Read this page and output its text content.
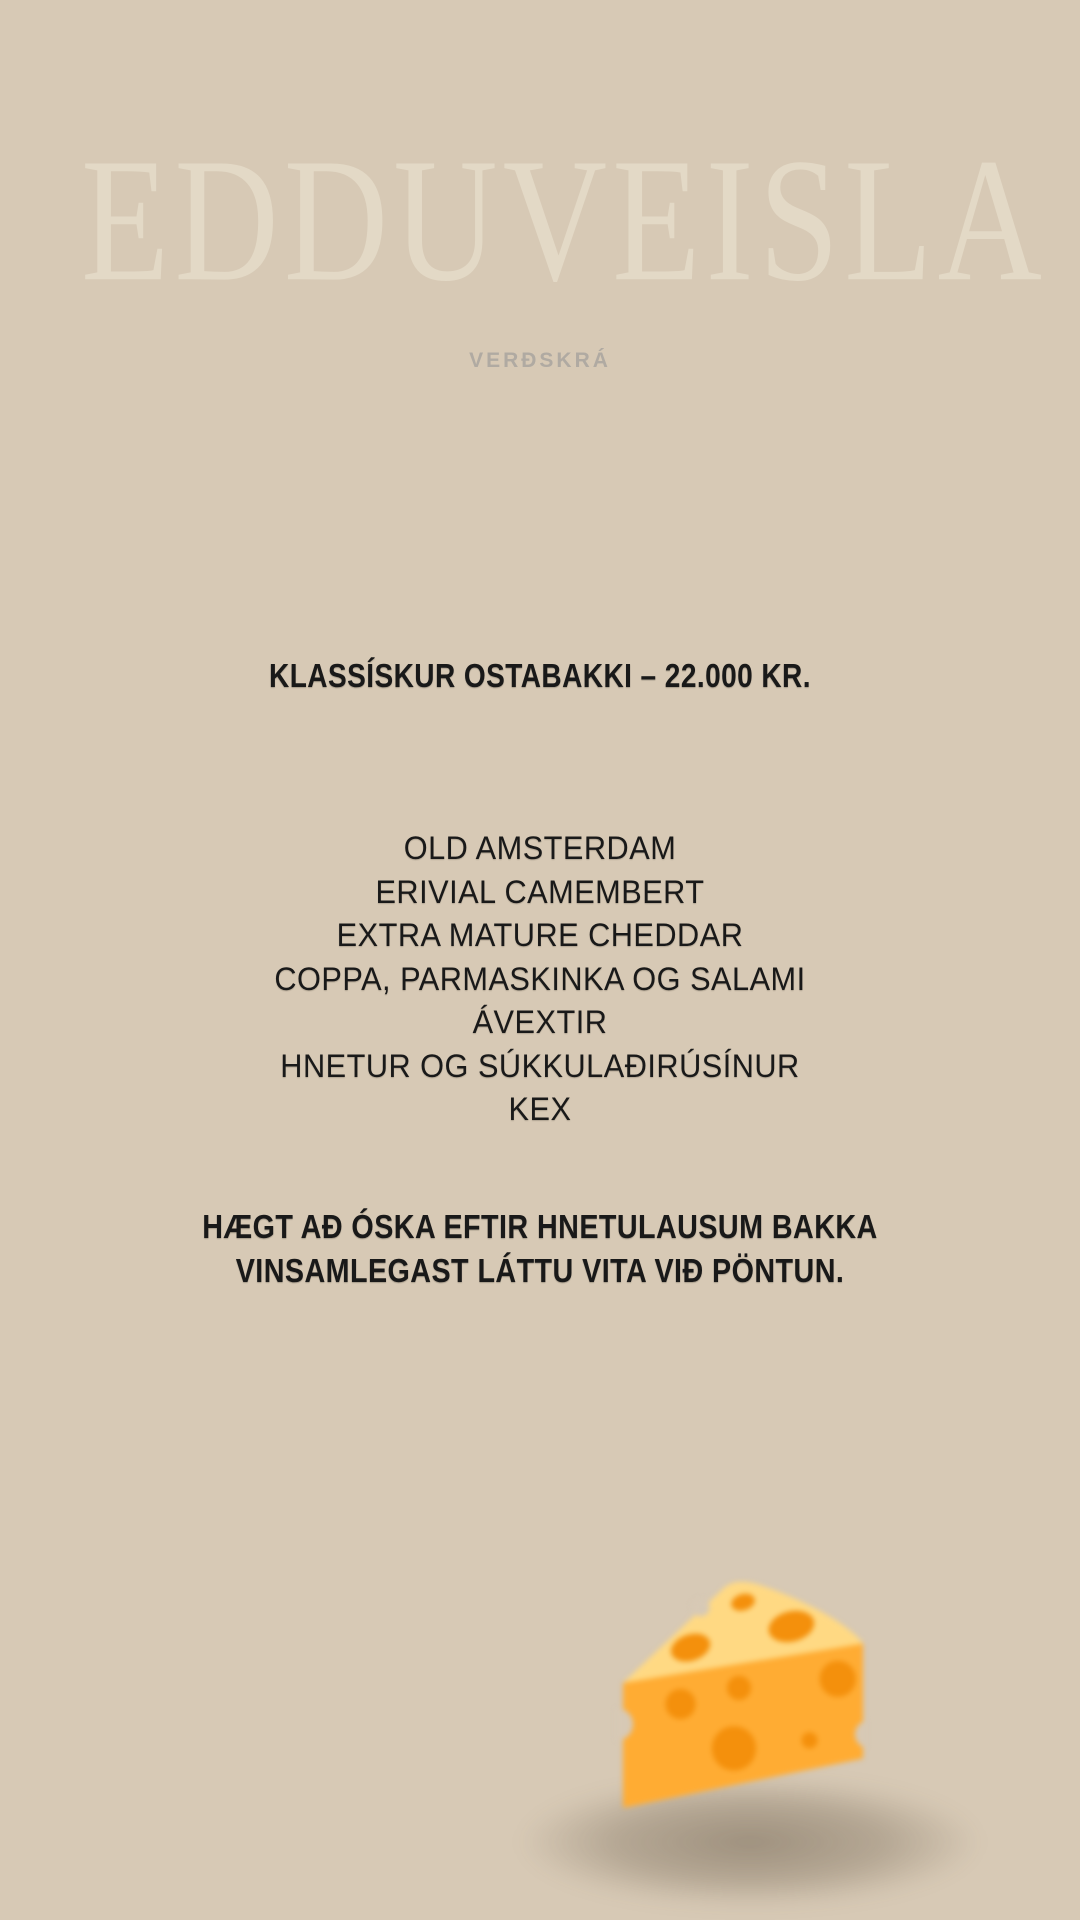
EDDUVEISLA
VERÐSKRÁ
KLASSÍSKUR OSTABAKKI – 22.000 KR.
OLD AMSTERDAM
ERIVIAL CAMEMBERT
EXTRA MATURE CHEDDAR
COPPA, PARMASKINKA OG SALAMI
ÁVEXTIR
HNETUR OG SÚKKULAÐIRÚSÍNUR
KEX
HÆGT AÐ ÓSKA EFTIR HNETULAUSUM BAKKA
VINSAMLEGAST LÁTTU VITA VIÐ PÖNTUN.
